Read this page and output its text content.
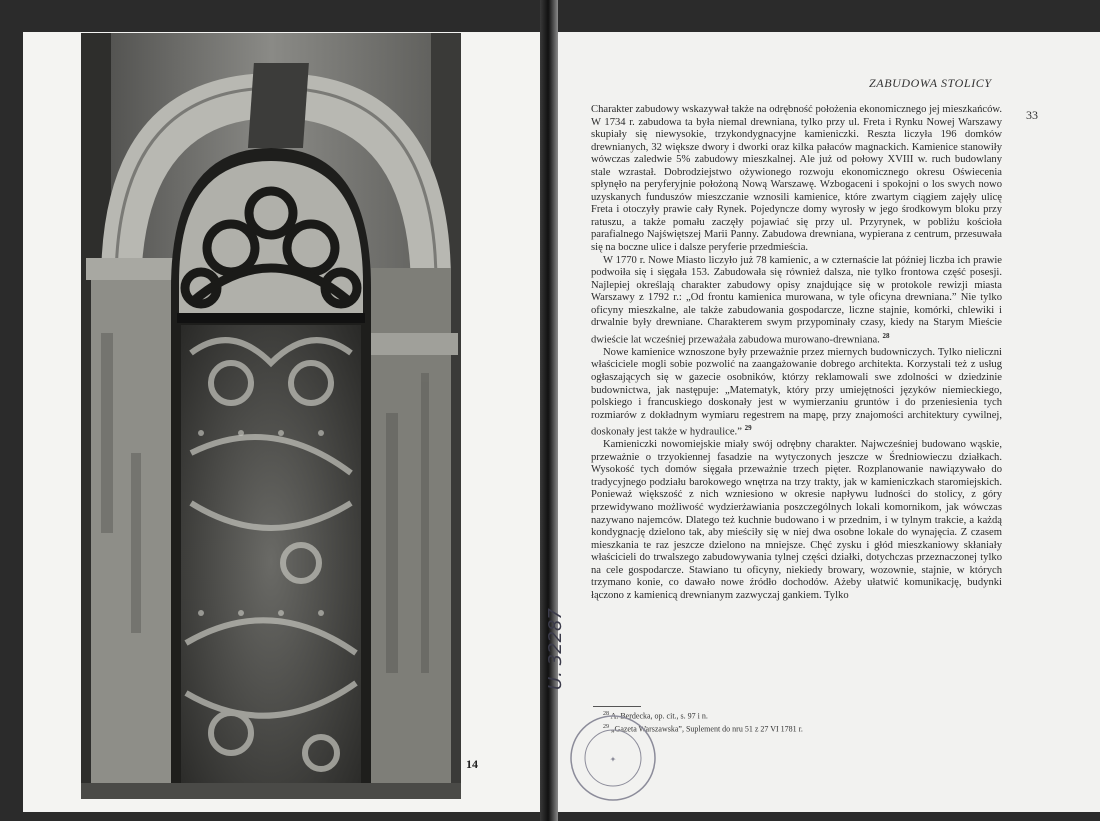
14
ZABUDOWA STOLICY
33

Charakter zabudowy wskazywał także na odrębność położenia ekonomicznego jej mieszkańców. W 1734 r. zabudowa ta była niemal drewniana, tylko przy ul. Freta i Rynku Nowej Warszawy skupiały się niewysokie, trzykondygnacyjne kamieniczki. Reszta liczyła 196 domków drewnianych, 32 większe dwory i dworki oraz kilka pałaców magnackich. Kamienice stanowiły wówczas zaledwie 5% zabudowy mieszkalnej. Ale już od połowy XVIII w. ruch budowlany stale wzrastał. Dobrodziejstwo ożywionego rozwoju ekonomicznego okresu Oświecenia spłynęło na peryferyjnie położoną Nową Warszawę. Wzbogaceni i spokojni o los swych nowo uzyskanych funduszów mieszczanie wznosili kamienice, które zwartym ciągiem zajęły ulicę Freta i otoczyły prawie cały Rynek. Pojedyncze domy wyrosły w jego środkowym bloku przy ratuszu, a także pomału zaczęły pojawiać się przy ul. Przyrynek, w pobliżu kościoła parafialnego Najświętszej Marii Panny. Zabudowa drewniana, wypierana z centrum, przesuwała się na boczne ulice i dalsze peryferie przedmieścia.

W 1770 r. Nowe Miasto liczyło już 78 kamienic, a w czternaście lat później liczba ich prawie podwoiła się i sięgała 153. Zabudowała się również dalsza, nie tylko frontowa część posesji. Najlepiej określają charakter zabudowy opisy znajdujące się w protokole rewizji miasta Warszawy z 1792 r.: „Od frontu kamienica murowana, w tyle oficyna drewniana.” Nie tylko oficyny mieszkalne, ale także zabudowania gospodarcze, liczne stajnie, komórki, chlewiki i drwalnie były drewniane. Charakterem swym przypominały czasy, kiedy na Starym Mieście dwieście lat wcześniej przeważała zabudowa murowano-drewniana. $^{28}$

Nowe kamienice wznoszone były przeważnie przez miernych budowniczych. Tylko nieliczni właściciele mogli sobie pozwolić na zaangażowanie dobrego architekta. Korzystali też z usług ogłaszających się w gazecie osobników, którzy reklamowali swe zdolności w dziedzinie budownictwa, jak następuje: „Matematyk, który przy umiejętności języków niemieckiego, polskiego i francuskiego doskonały jest w wymierzaniu gruntów i do przeniesienia tych rozmiarów z dokładnym wymiaru regestrem na mapę, przy znajomości architektury cywilnej, doskonały jest także w hydraulice.” $^{29}$

Kamieniczki nowomiejskie miały swój odrębny charakter. Najwcześniej budowano wąskie, przeważnie o trzyokiennej fasadzie na wytyczonych jeszcze w Średniowieczu działkach. Wysokość tych domów sięgała przeważnie trzech pięter. Rozplanowanie nawiązywało do tradycyjnego podziału barokowego wnętrza na trzy trakty, jak w kamieniczkach staromiejskich. Ponieważ większość z nich wzniesiono w okresie napływu ludności do stolicy, z góry przewidywano możliwość wydzierżawiania poszczególnych lokali komornikom, jak wówczas nazywano najemców. Dlatego też kuchnie budowano i w przednim, i w tylnym trakcie, a każdą kondygnację dzielono tak, aby mieściły się w niej dwa osobne lokale do wynajęcia. Z czasem mieszkania te raz jeszcze dzielono na mniejsze. Chęć zysku i głód mieszkaniowy skłaniały właścicieli do trwalszego zabudowywania tylnej części działki, dotychczas przeznaczonej tylko na cele gospodarcze. Stawiano tu oficyny, niekiedy browary, wozownie, stajnie, w których trzymano konie, co dawało nowe źródło dochodów. Ażeby ułatwić komunikację, budynki łączono z kamienicą drewnianym zazwyczaj gankiem. Tylko

$^{28}$ A. Berdecka, op. cit., s. 97 i n.

$^{29}$ „Gazeta Warszawska”, Suplement do nru 51 z 27 VI 1781 r.

U. 32287
✦
